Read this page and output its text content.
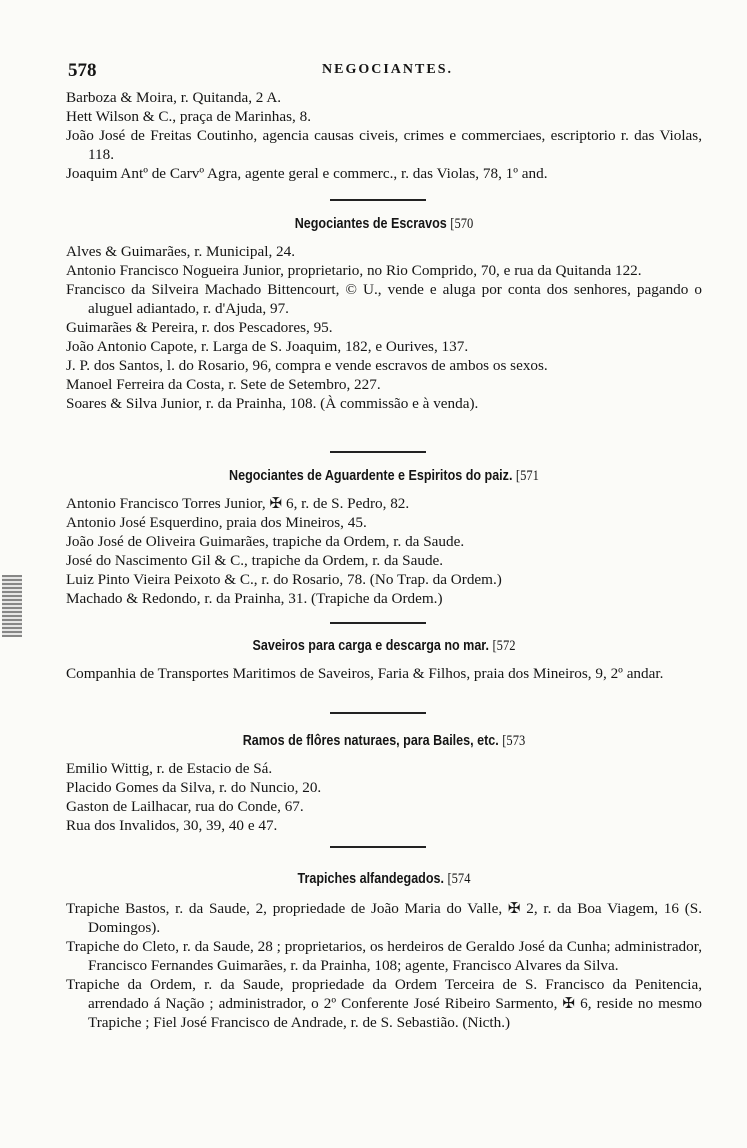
578	NEGOCIANTES.
Barboza & Moira, r. Quitanda, 2 A.
Hett Wilson & C., praça de Marinhas, 8.
João José de Freitas Coutinho, agencia causas civeis, crimes e commerciaes, escriptorio r. das Violas, 118.
Joaquim Antº de Carvº Agra, agente geral e commerc., r. das Violas, 78, 1º and.
Negociantes de Escravos [570
Alves & Guimarães, r. Municipal, 24.
Antonio Francisco Nogueira Junior, proprietario, no Rio Comprido, 70, e rua da Quitanda 122.
Francisco da Silveira Machado Bittencourt, © U., vende e aluga por conta dos senhores, pagando o aluguel adiantado, r. d'Ajuda, 97.
Guimarães & Pereira, r. dos Pescadores, 95.
João Antonio Capote, r. Larga de S. Joaquim, 182, e Ourives, 137.
J. P. dos Santos, l. do Rosario, 96, compra e vende escravos de ambos os sexos.
Manoel Ferreira da Costa, r. Sete de Setembro, 227.
Soares & Silva Junior, r. da Prainha, 108. (À commissão e à venda).
Negociantes de Aguardente e Espiritos do paiz. [571
Antonio Francisco Torres Junior, ✠ 6, r. de S. Pedro, 82.
Antonio José Esquerdino, praia dos Mineiros, 45.
João José de Oliveira Guimarães, trapiche da Ordem, r. da Saude.
José do Nascimento Gil & C., trapiche da Ordem, r. da Saude.
Luiz Pinto Vieira Peixoto & C., r. do Rosario, 78. (No Trap. da Ordem.)
Machado & Redondo, r. da Prainha, 31. (Trapiche da Ordem.)
Saveiros para carga e descarga no mar. [572
Companhia de Transportes Maritimos de Saveiros, Faria & Filhos, praia dos Mineiros, 9, 2º andar.
Ramos de flôres naturaes, para Bailes, etc. [573
Emilio Wittig, r. de Estacio de Sá.
Placido Gomes da Silva, r. do Nuncio, 20.
Gaston de Lailhacar, rua do Conde, 67.
Rua dos Invalidos, 30, 39, 40 e 47.
Trapiches alfandegados. [574
Trapiche Bastos, r. da Saude, 2, propriedade de João Maria do Valle, ✠ 2, r. da Boa Viagem, 16 (S. Domingos).
Trapiche do Cleto, r. da Saude, 28 ; proprietarios, os herdeiros de Geraldo José da Cunha; administrador, Francisco Fernandes Guimarães, r. da Prainha, 108; agente, Francisco Alvares da Silva.
Trapiche da Ordem, r. da Saude, propriedade da Ordem Terceira de S. Francisco da Penitencia, arrendado á Nação ; administrador, o 2º Conferente José Ribeiro Sarmento, ✠ 6, reside no mesmo Trapiche ; Fiel José Francisco de Andrade, r. de S. Sebastião. (Nicth.)
